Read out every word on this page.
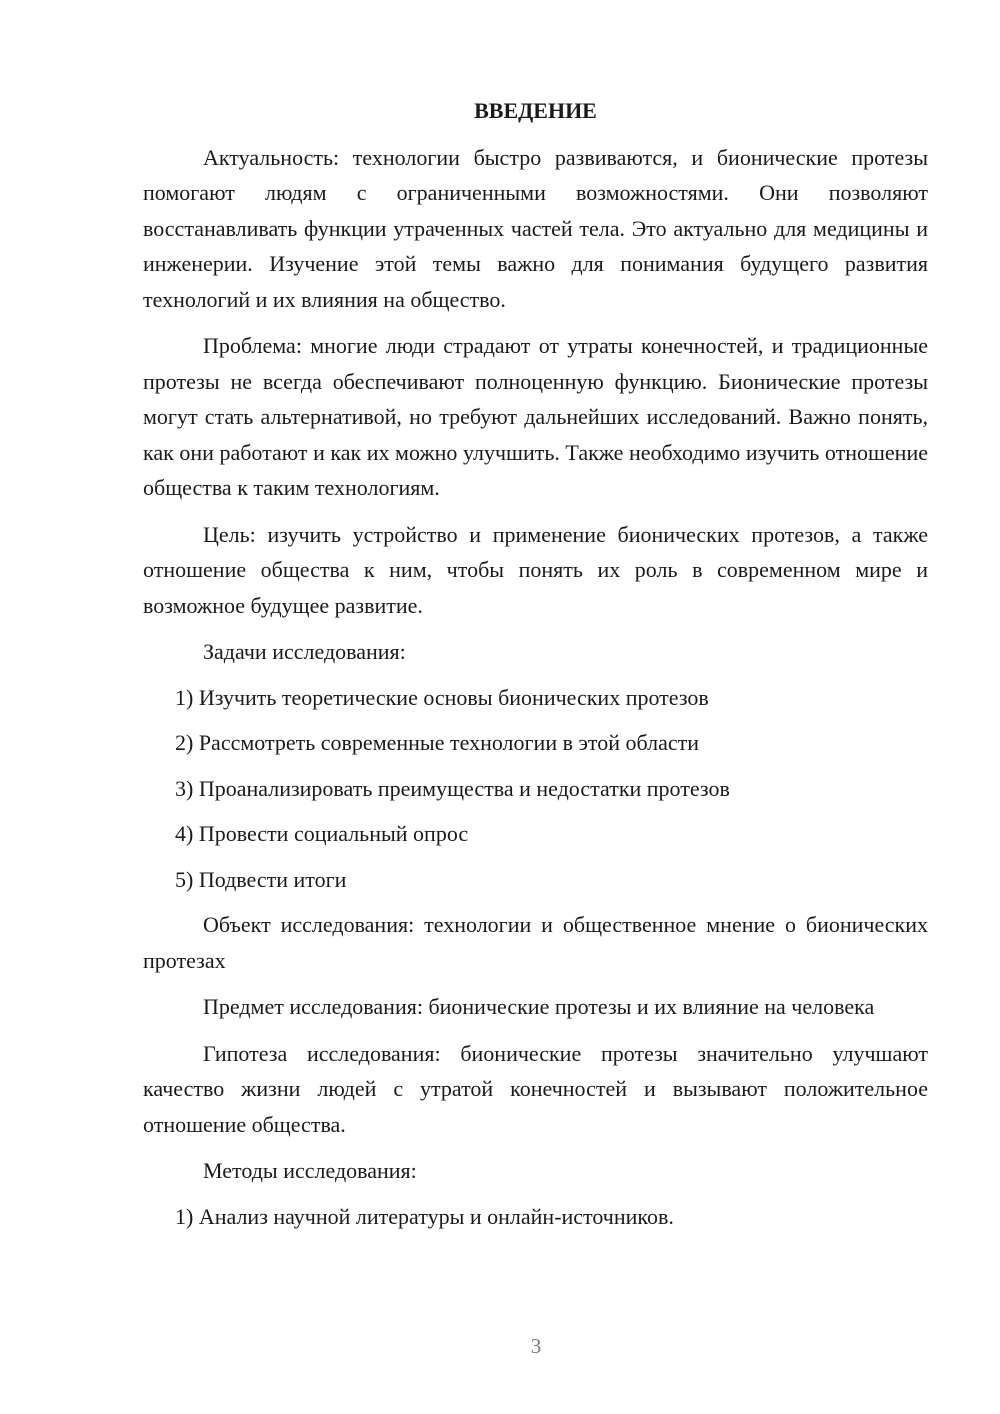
ВВЕДЕНИЕ

Актуальность: технологии быстро развиваются, и бионические протезы помогают людям с ограниченными возможностями. Они позволяют восстанавливать функции утраченных частей тела. Это актуально для медицины и инженерии. Изучение этой темы важно для понимания будущего развития технологий и их влияния на общество.

Проблема: многие люди страдают от утраты конечностей, и традиционные протезы не всегда обеспечивают полноценную функцию. Бионические протезы могут стать альтернативой, но требуют дальнейших исследований. Важно понять, как они работают и как их можно улучшить. Также необходимо изучить отношение общества к таким технологиям.

Цель: изучить устройство и применение бионических протезов, а также отношение общества к ним, чтобы понять их роль в современном мире и возможное будущее развитие.

Задачи исследования:

1) Изучить теоретические основы бионических протезов
2) Рассмотреть современные технологии в этой области
3) Проанализировать преимущества и недостатки протезов
4) Провести социальный опрос
5) Подвести итоги

Объект исследования: технологии и общественное мнение о бионических протезах

Предмет исследования: бионические протезы и их влияние на человека

Гипотеза исследования: бионические протезы значительно улучшают качество жизни людей с утратой конечностей и вызывают положительное отношение общества.

Методы исследования:

1) Анализ научной литературы и онлайн-источников.
3
